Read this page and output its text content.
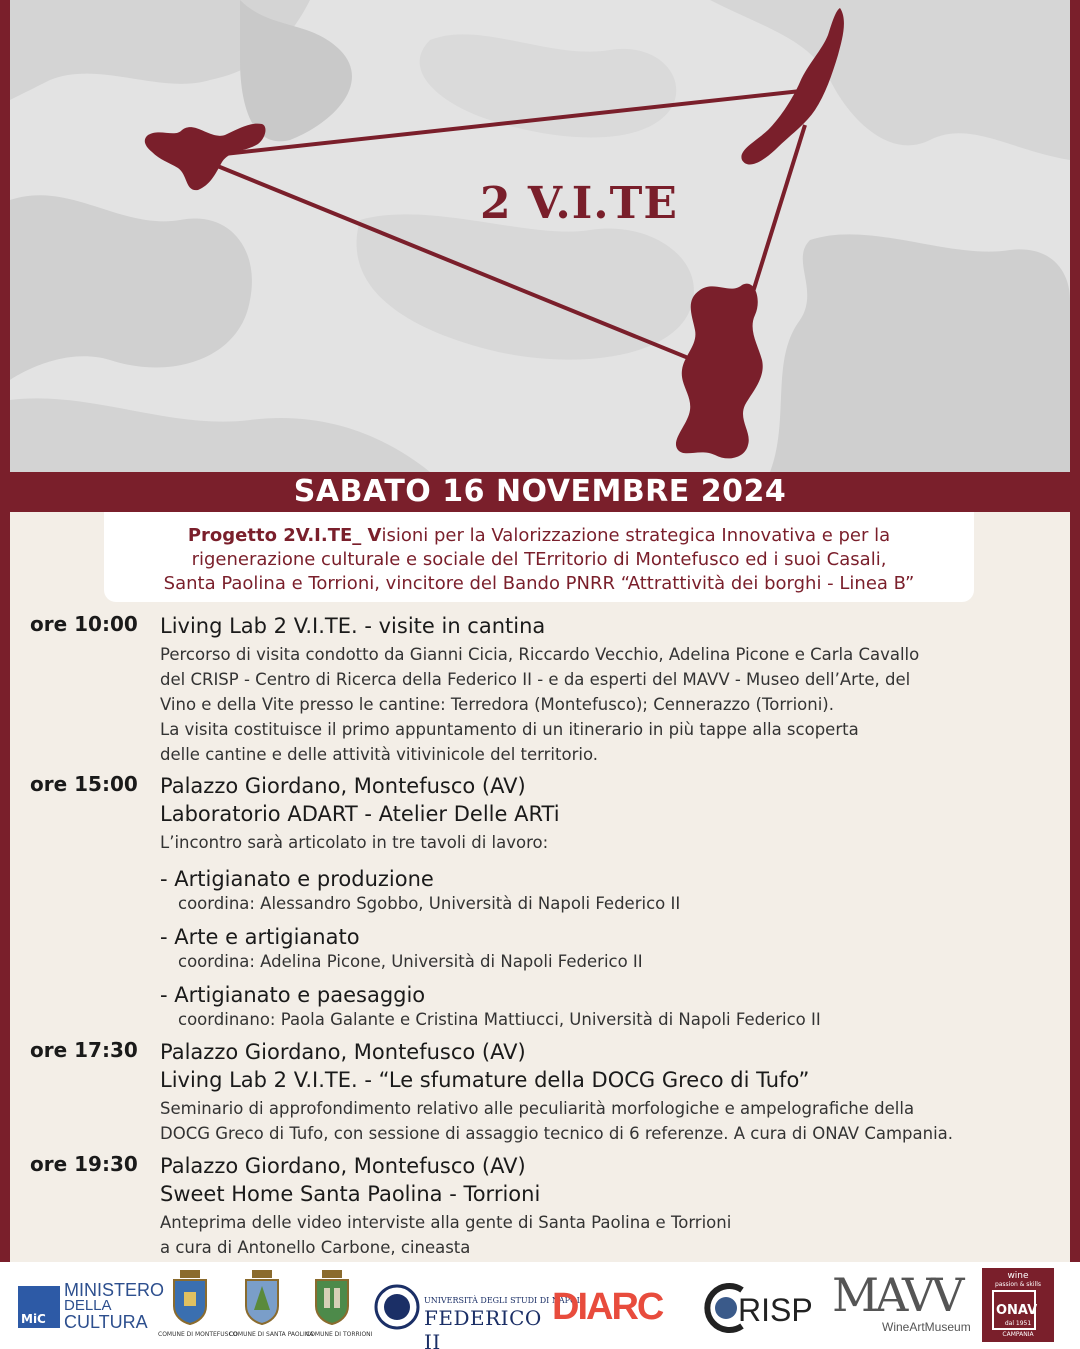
2 V.I.TE
SABATO 16 NOVEMBRE 2024
Progetto 2V.I.TE_ Visioni per la Valorizzazione strategica Innovativa e per la
rigenerazione culturale e sociale del TErritorio di Montefusco ed i suoi Casali,
Santa Paolina e Torrioni, vincitore del Bando PNRR “Attrattività dei borghi - Linea B”
ore 10:00 Living Lab 2 V.I.TE. - visite in cantina
Percorso di visita condotto da Gianni Cicia, Riccardo Vecchio, Adelina Picone e Carla Cavallo
del CRISP - Centro di Ricerca della Federico II - e da esperti del MAVV - Museo dell’Arte, del
Vino e della Vite presso le cantine: Terredora (Montefusco); Cennerazzo (Torrioni).
La visita costituisce il primo appuntamento di un itinerario in più tappe alla scoperta
delle cantine e delle attività vitivinicole del territorio.
ore 15:00 Palazzo Giordano, Montefusco (AV)
Laboratorio ADART - Atelier Delle ARTi
L’incontro sarà articolato in tre tavoli di lavoro:
- Artigianato e produzione
coordina: Alessandro Sgobbo, Università di Napoli Federico II
- Arte e artigianato
coordina: Adelina Picone, Università di Napoli Federico II
- Artigianato e paesaggio
coordinano: Paola Galante e Cristina Mattiucci, Università di Napoli Federico II
ore 17:30 Palazzo Giordano, Montefusco (AV)
Living Lab 2 V.I.TE. - “Le sfumature della DOCG Greco di Tufo”
Seminario di approfondimento relativo alle peculiarità morfologiche e ampelografiche della
DOCG Greco di Tufo, con sessione di assaggio tecnico di 6 referenze. A cura di ONAV Campania.
ore 19:30 Palazzo Giordano, Montefusco (AV)
Sweet Home Santa Paolina - Torrioni
Anteprima delle video interviste alla gente di Santa Paolina e Torrioni
a cura di Antonello Carbone, cineasta
MiC
MINISTERO
DELLA
CULTURA
COMUNE DI MONTEFUSCO
COMUNE DI SANTA PAOLINA
COMUNE DI TORRIONI
UNIVERSITÀ DEGLI STUDI DI NAPOLI
FEDERICO II
DIARC RISP MAVV
WineArtMuseum
wine
passion & skills
ONAV
dal 1951
CAMPANIA
